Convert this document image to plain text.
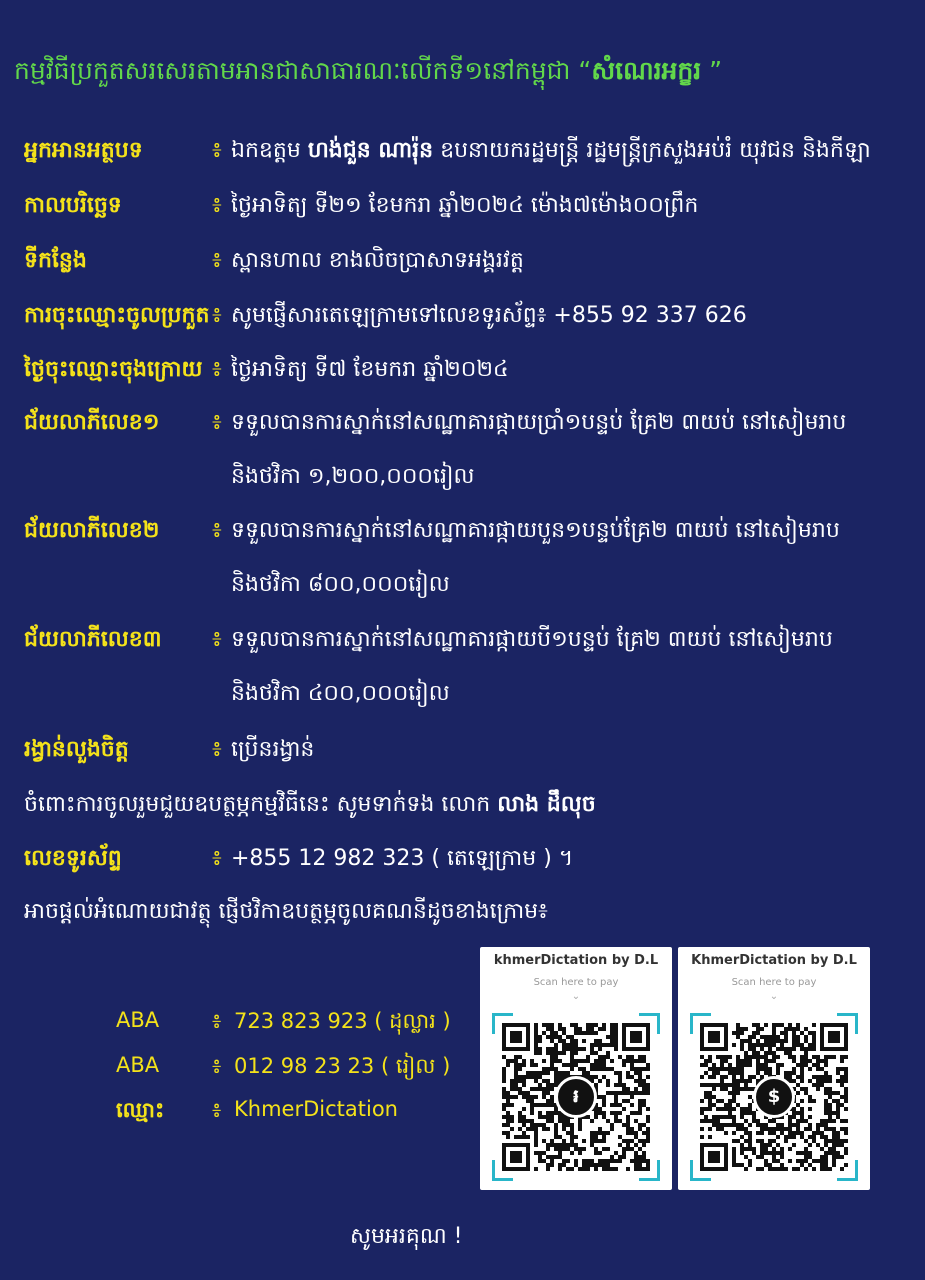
កម្មវិធីប្រកួតសរសេរតាមអានជាសាធារណៈលើកទី១នៅកម្ពុជា “សំណេរអក្ខរ ”
អ្នកអានអត្ថបទ	៖ ឯកឧត្តម ហង់ជួន ណារ៉ុន ឧបនាយករដ្ឋមន្ត្រី រដ្ឋមន្ត្រីក្រសួងអប់រំ យុវជន និងកីឡា
កាលបរិច្ឆេទ	៖ ថ្ងៃអាទិត្យ ទី២១ ខែមករា ឆ្នាំ២០២៤ ម៉ោង៧ម៉ោង០០ព្រឹក
ទីកន្លែង	៖ ស្ពានហាល ខាងលិចប្រាសាទអង្គរវត្ត
ការចុះឈ្មោះចូលប្រកួត ៖ សូមផ្ញើសារតេឡេក្រាមទៅលេខទូរស័ព្ទ៖ +855 92 337 626
ថ្ងៃចុះឈ្មោះចុងក្រោយ ៖ ថ្ងៃអាទិត្យ ទី៧ ខែមករា ឆ្នាំ២០២៤
ជ័យលាភីលេខ១ ៖ ទទួលបានការស្នាក់នៅសណ្ឋាគារផ្កាយប្រាំ១បន្ទប់ គ្រែ២ ៣យប់ នៅសៀមរាប
និងថវិកា ១,២០០,០០០រៀល
ជ័យលាភីលេខ២ ៖ ទទួលបានការស្នាក់នៅសណ្ឋាគារផ្កាយបួន១បន្ទប់គ្រែ២ ៣យប់ នៅសៀមរាប
និងថវិកា ៨០០,០០០រៀល
ជ័យលាភីលេខ៣ ៖ ទទួលបានការស្នាក់នៅសណ្ឋាគារផ្កាយបី១បន្ទប់ គ្រែ២ ៣យប់ នៅសៀមរាប
និងថវិកា ៤០០,០០០រៀល
រង្វាន់លួងចិត្ត	៖ ប្រើនរង្វាន់
ចំពោះការចូលរួមជួយឧបត្ថម្ភកម្មវិធីនេះ សូមទាក់ទង លោក លាង ដឹលុច
លេខទូរស័ព្ទ	៖ +855 12 982 323 ( តេឡេក្រាម ) ។
អាចផ្តល់អំណោយជាវត្ថុ ផ្ញើថវិកាឧបត្ថម្ភចូលគណនីដូចខាងក្រោម៖
ABA	៖ 723 823 923 ( ដុល្លារ )
ABA	៖ 012 98 23 23 ( រៀល )
ឈ្មោះ ៖ KhmerDictation
khmerDictation by D.L
Scan here to pay
⌄
៛
KhmerDictation by D.L
Scan here to pay
⌄
$
សូមអរគុណ !
